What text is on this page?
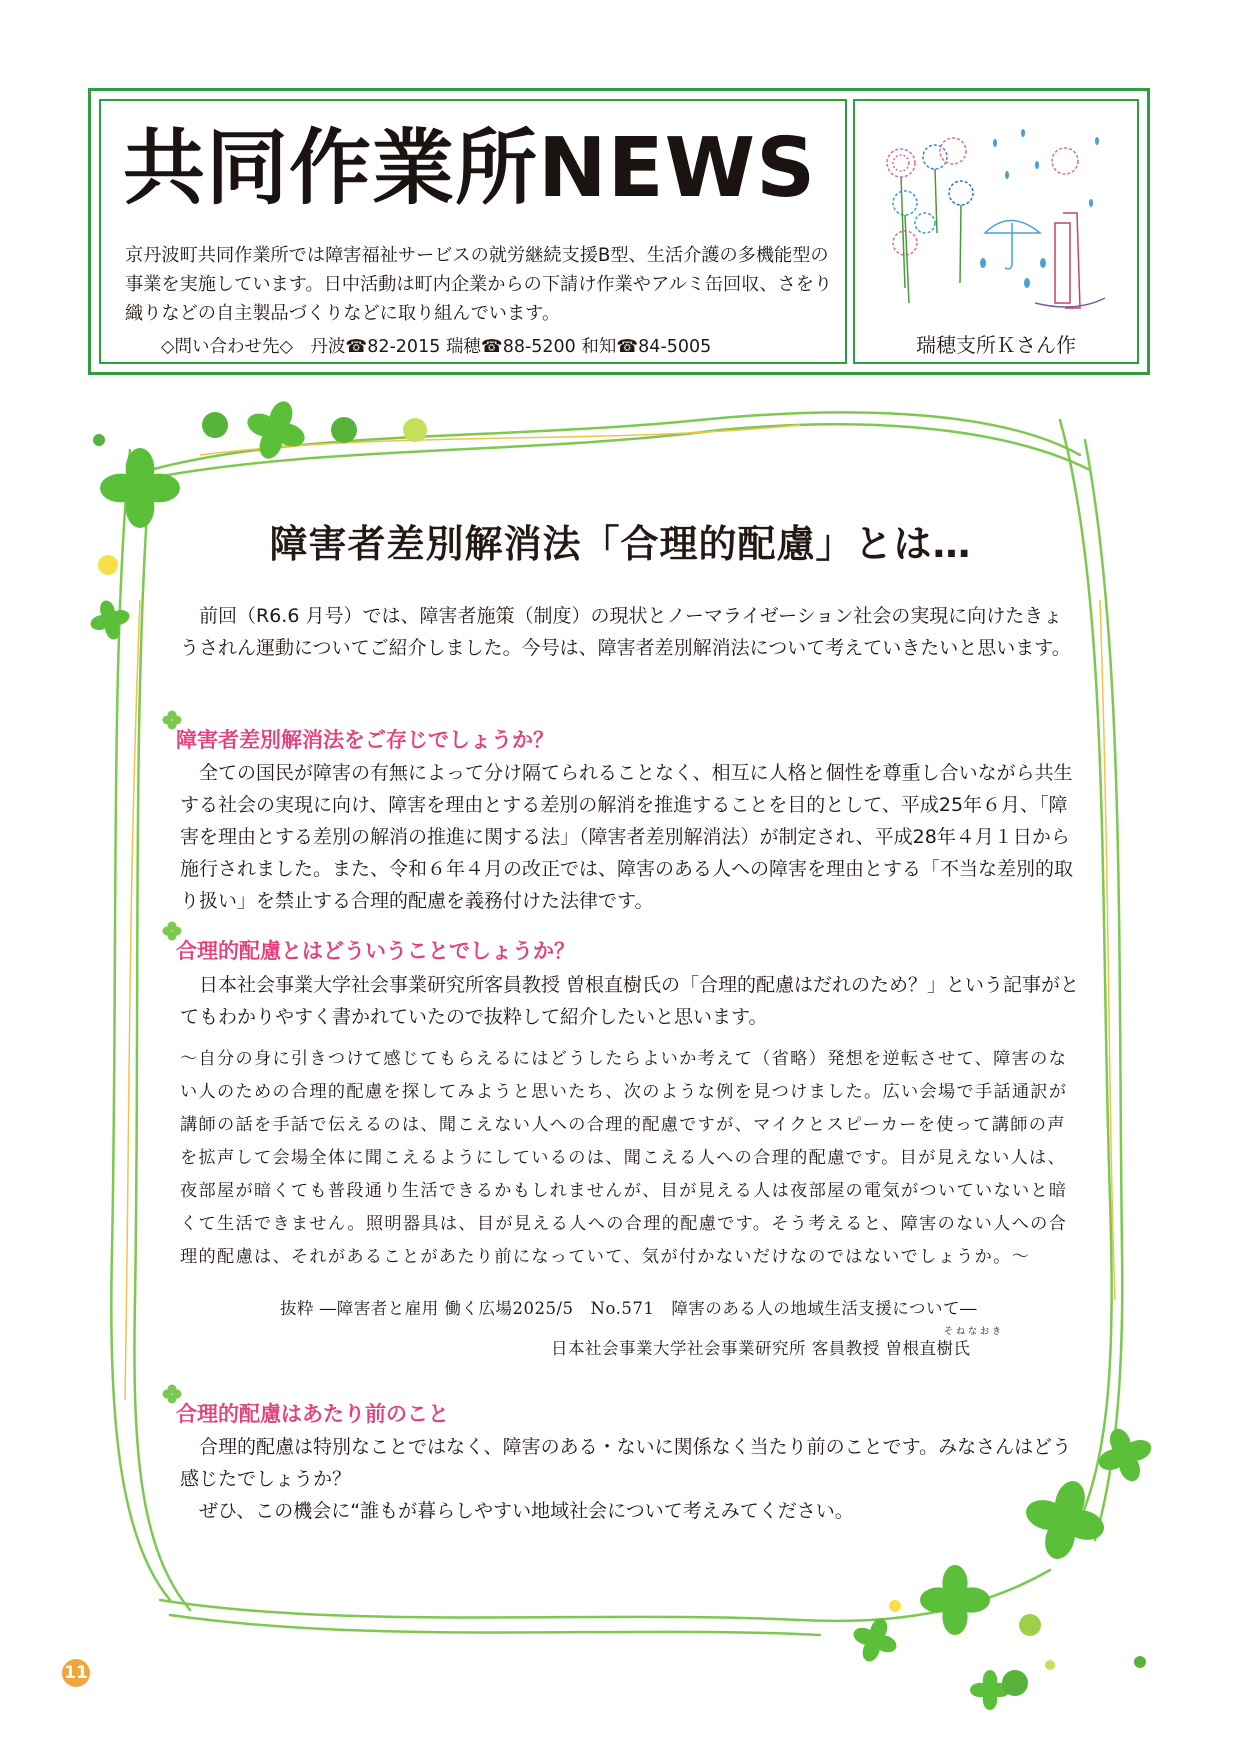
共同作業所NEWS

京丹波町共同作業所では障害福祉サービスの就労継続支援B型、生活介護の多機能型の事業を実施しています。日中活動は町内企業からの下請け作業やアルミ缶回収、さをり織りなどの自主製品づくりなどに取り組んでいます。

◇問い合わせ先◇　丹波☎82-2015 瑞穂☎88-5200 和知☎84-5005	瑞穂支所Ｋさん作

障害者差別解消法「合理的配慮」とは…

前回（R6.6 月号）では、障害者施策（制度）の現状とノーマライゼーション社会の実現に向けたきょうされん運動についてご紹介しました。今号は、障害者差別解消法について考えていきたいと思います。

障害者差別解消法をご存じでしょうか？

全ての国民が障害の有無によって分け隔てられることなく、相互に人格と個性を尊重し合いながら共生する社会の実現に向け、障害を理由とする差別の解消を推進することを目的として、平成25年６月、「障害を理由とする差別の解消の推進に関する法」（障害者差別解消法）が制定され、平成28年４月１日から施行されました。また、令和６年４月の改正では、障害のある人への障害を理由とする「不当な差別的取り扱い」を禁止する合理的配慮を義務付けた法律です。

合理的配慮とはどういうことでしょうか？

日本社会事業大学社会事業研究所客員教授 曽根直樹氏の「合理的配慮はだれのため？」という記事がとてもわかりやすく書かれていたので抜粋して紹介したいと思います。

～自分の身に引きつけて感じてもらえるにはどうしたらよいか考えて（省略）発想を逆転させて、障害のない人のための合理的配慮を探してみようと思いたち、次のような例を見つけました。広い会場で手話通訳が講師の話を手話で伝えるのは、聞こえない人への合理的配慮ですが、マイクとスピーカーを使って講師の声を拡声して会場全体に聞こえるようにしているのは、聞こえる人への合理的配慮です。目が見えない人は、夜部屋が暗くても普段通り生活できるかもしれませんが、目が見える人は夜部屋の電気がついていないと暗くて生活できません。照明器具は、目が見える人への合理的配慮です。そう考えると、障害のない人への合理的配慮は、それがあることがあたり前になっていて、気が付かないだけなのではないでしょうか。～

抜粋 ―障害者と雇用 働く広場2025/5　No.571　障害のある人の地域生活支援について―

そねなおき

日本社会事業大学社会事業研究所 客員教授 曽根直樹氏

合理的配慮はあたり前のこと

合理的配慮は特別なことではなく、障害のある・ないに関係なく当たり前のことです。みなさんはどう感じたでしょうか？

ぜひ、この機会に“誰もが暮らしやすい地域社会について考えみてください。

11
